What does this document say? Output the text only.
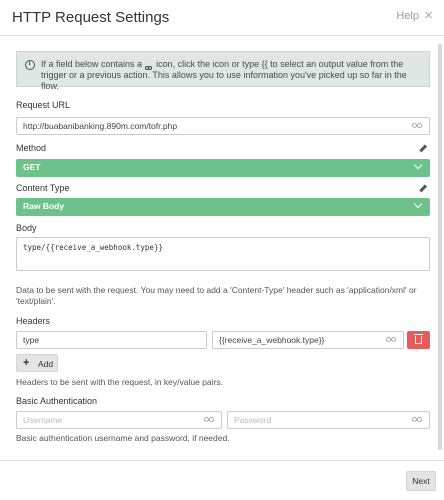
HTTP Request Settings	Help ×
i
If a field below contains a icon, click the icon or type {{ to select an output value from the trigger or a previous action. This allows you to use information you've picked up so far in the flow.
Request URL
http://buabanibanking.890m.com/tofr.php
Method
GET
Content Type
Raw Body
Body
type/{{receive_a_webhook.type}}
Data to be sent with the request. You may need to add a 'Content-Type' header such as 'application/xml' or 'text/plain'.
Headers
type	{{receive_a_webhook.type}}
+ Add
Headers to be sent with the request, in key/value pairs.
Basic Authentication
Username	Password
Basic authentication username and password, if needed.
Next
